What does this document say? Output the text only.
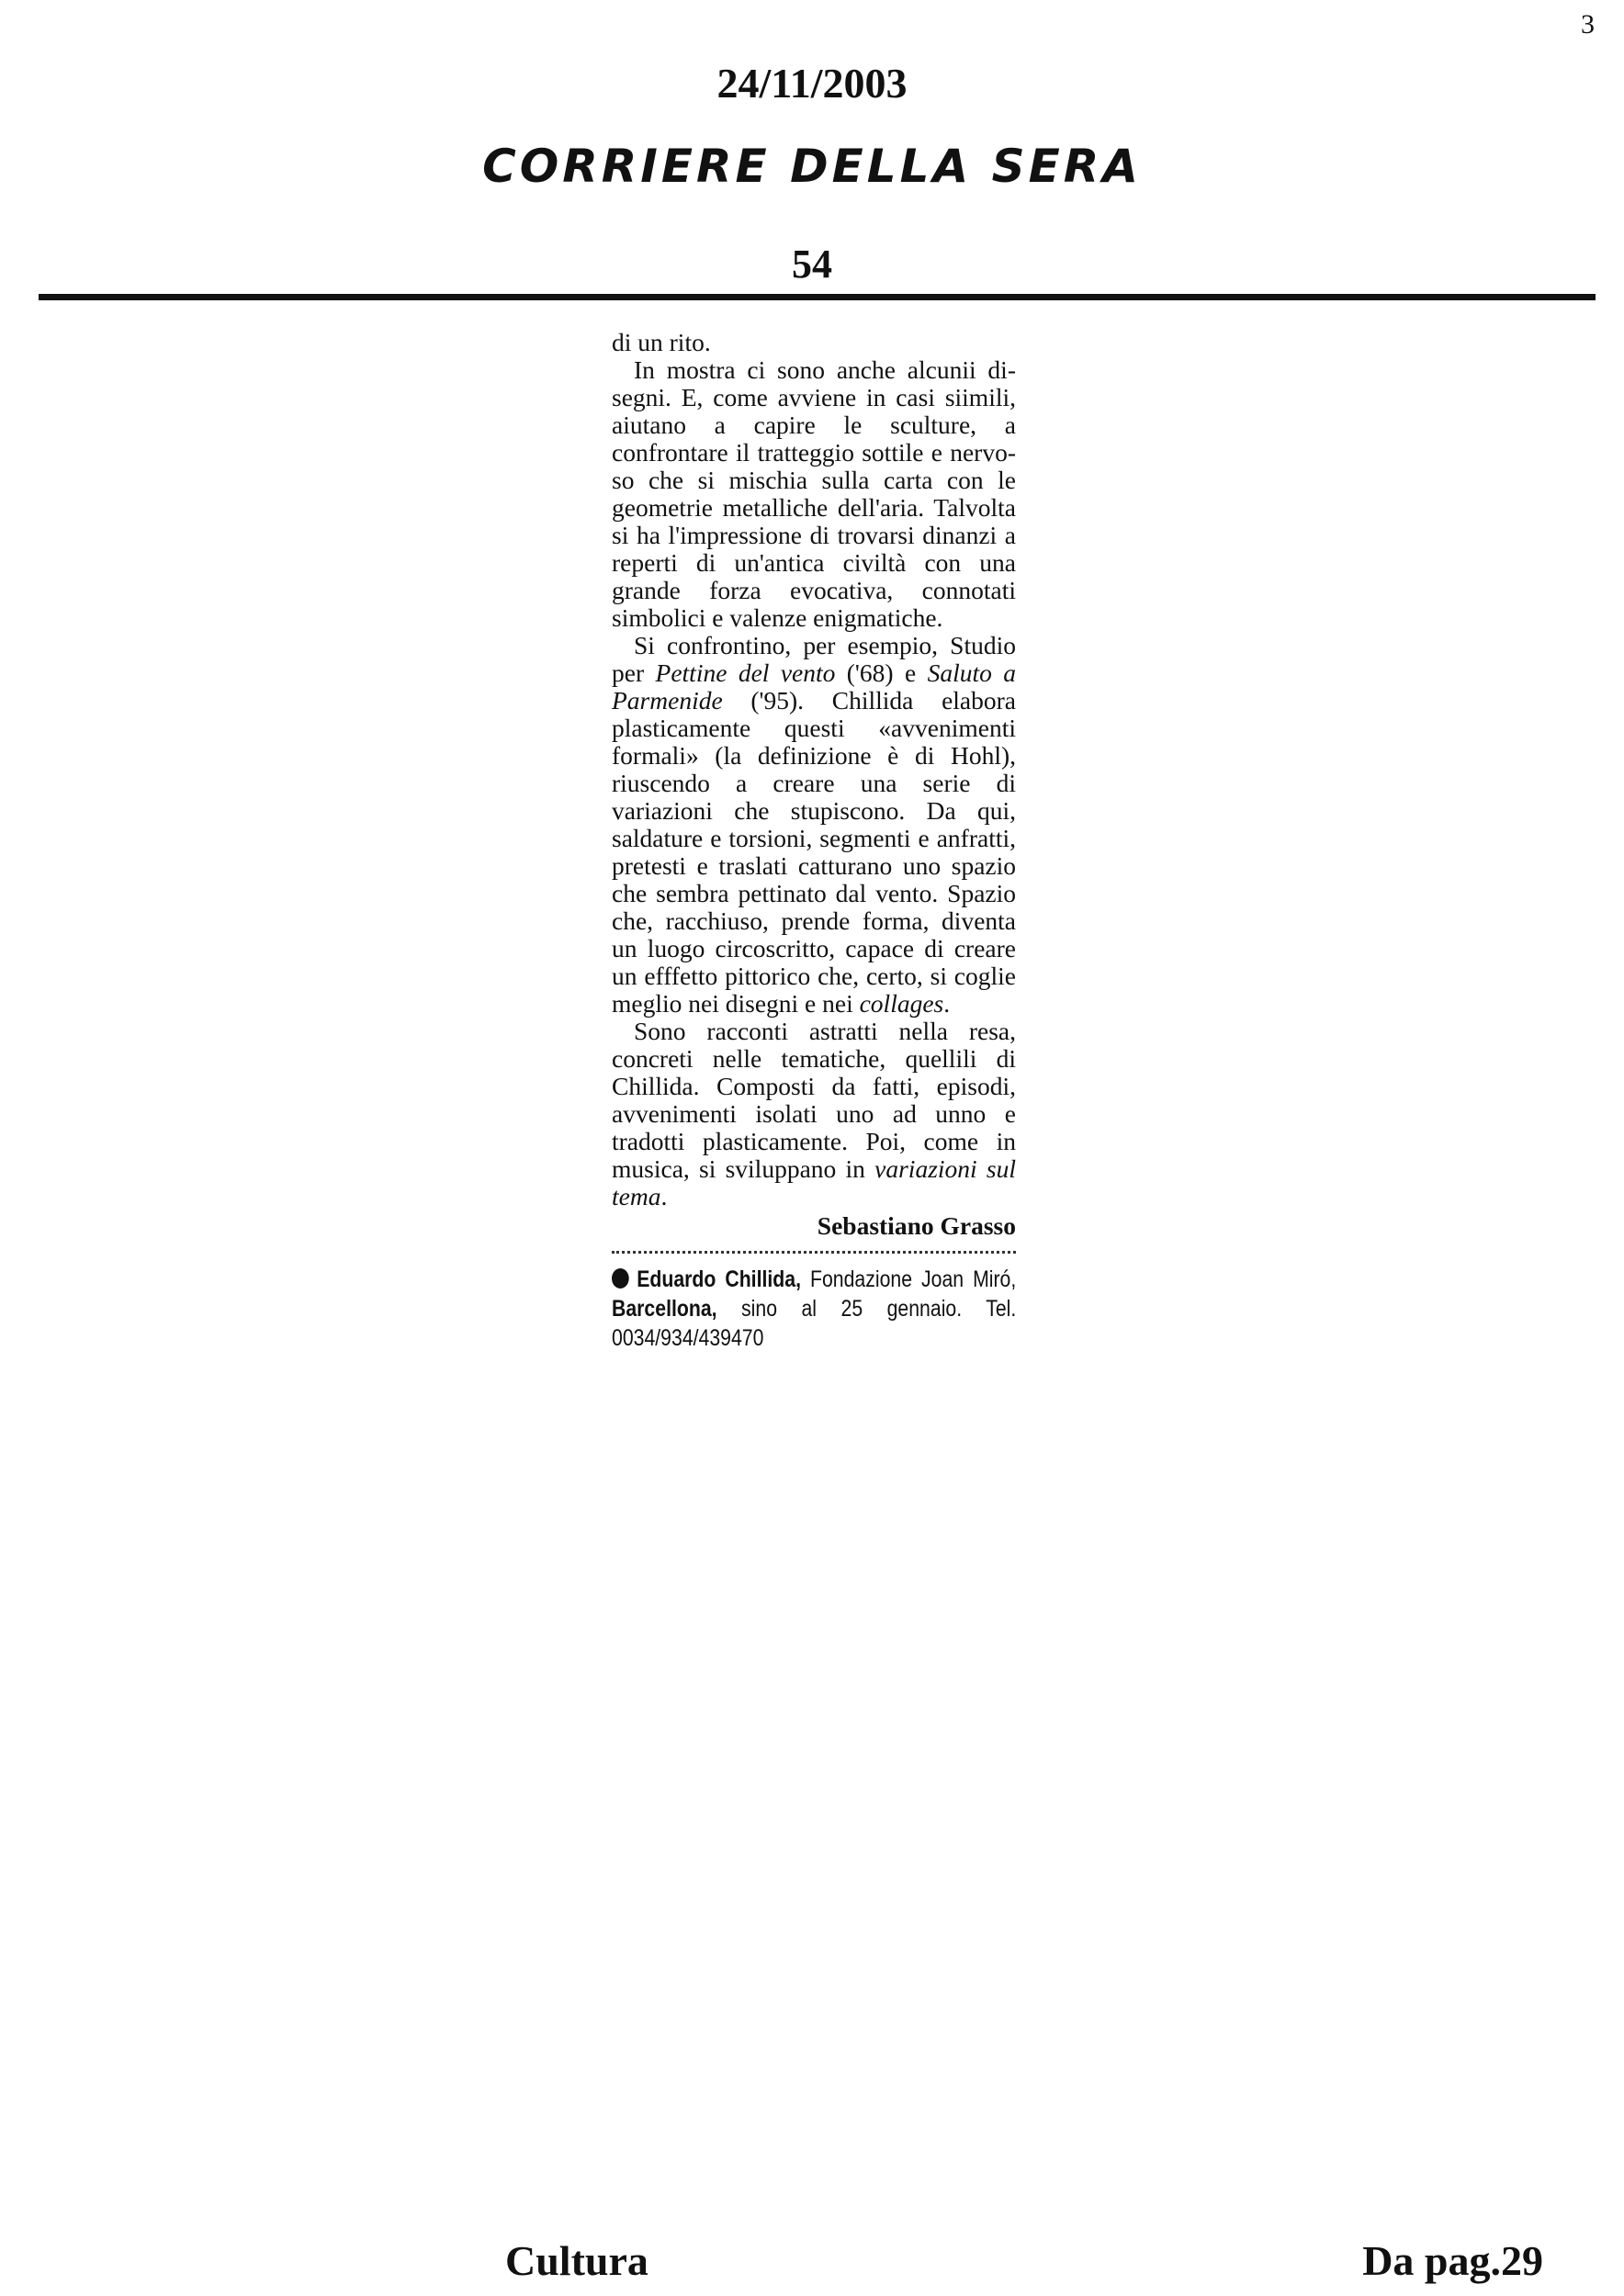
3
24/11/2003
CORRIERE DELLA SERA
54

di un rito.

In mostra ci sono anche alcunii disegni. E, come avviene in casi siimili, aiutano a capire le sculture, a confrontare il tratteggio sottile e nervoso che si mischia sulla carta con le geometrie metalliche dell'aria. Talvolta si ha l'impressione di trovarsi dinanzi a reperti di un'antica civiltà con una grande forza evocativa, connotati simbolici e valenze enigmatiche.

Si confrontino, per esempio, Studio per Pettine del vento ('68) e Saluto a Parmenide ('95). Chillida elabora plasticamente questi «avvenimenti formali» (la definizione è di Hohl), riuscendo a creare una serie di variazioni che stupiscono. Da qui, saldature e torsioni, segmenti e anfratti, pretesti e traslati catturano uno spazio che sembra pettinato dal vento. Spazio che, racchiuso, prende forma, diventa un luogo circoscritto, capace di creare un efffetto pittorico che, certo, si coglie meglio nei disegni e nei collages.

Sono racconti astratti nella resa, concreti nelle tematiche, quellili di Chillida. Composti da fatti, episodi, avvenimenti isolati uno ad unno e tradotti plasticamente. Poi, come in musica, si sviluppano in variazioni sul tema.

Sebastiano Grasso
Eduardo Chillida, Fondazione Joan Miró, Barcellona, sino al 25 gennaio. Tel. 0034/934/439470
Cultura	Da pag.29
